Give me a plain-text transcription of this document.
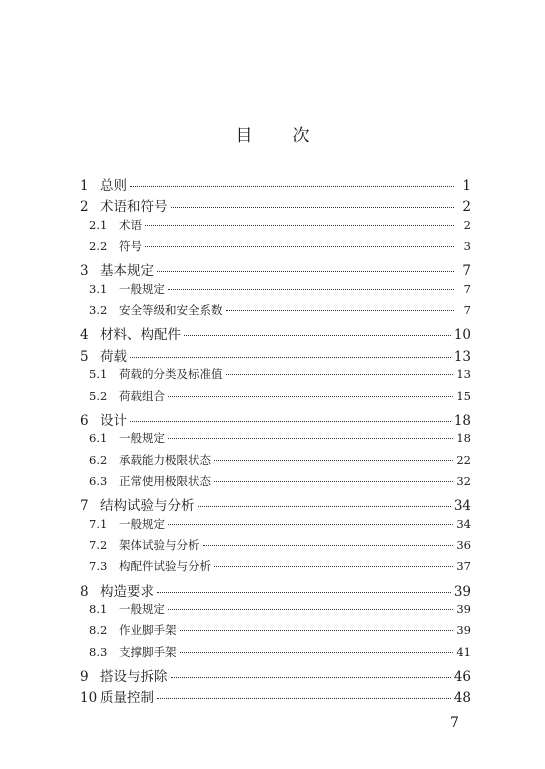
目 次
1 总则	1
2 术语和符号	2
2.1	术语	2
2.2	符号	3
3 基本规定	7
3.1	一般规定	7
3.2	安全等级和安全系数	7
4 材料、构配件	10
5 荷载	13
5.1	荷载的分类及标准值	13
5.2	荷载组合	15
6 设计	18
6.1	一般规定	18
6.2	承载能力极限状态	22
6.3	正常使用极限状态	32
7 结构试验与分析	34
7.1	一般规定	34
7.2	架体试验与分析	36
7.3	构配件试验与分析	37
8 构造要求	39
8.1	一般规定	39
8.2	作业脚手架	39
8.3	支撑脚手架	41
9 搭设与拆除	46
10 质量控制	48
7
